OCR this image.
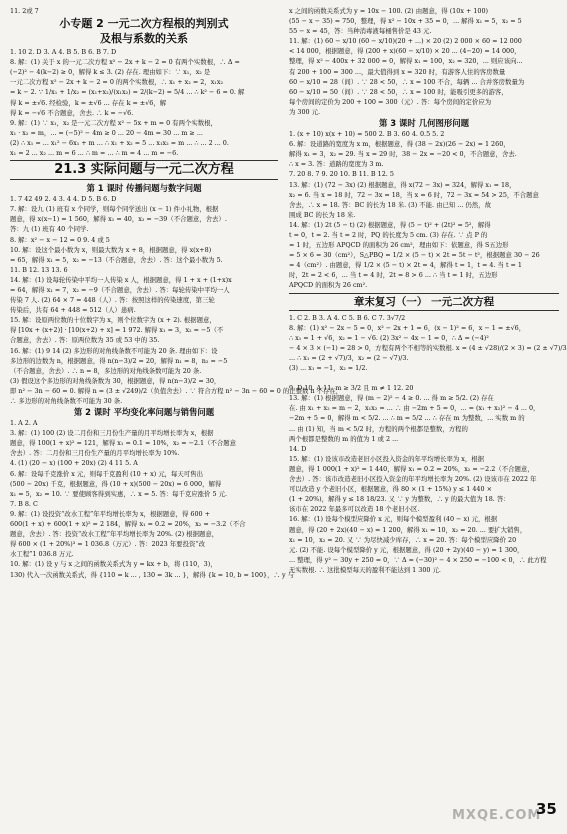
11. 2或 7
小专题 2 一元二次方程根的判别式
及根与系数的关系
1. 10 2. D 3. A 4. B 5. B 6. B 7. D
8. 解：(1) 关于 x 的一元二次方程 x² − 2x + k − 2 = 0 有两个实数根，∴ Δ =
(−2)² − 4(k−2) ≥ 0，解得 k ≤ 3. (2) 存在. 理由如下：∵ x₁，x₂ 是
一元二次方程 x² − 2x + k − 2 = 0 的两个实数根，∴ x₁ + x₂ = 2，x₁x₂
= k − 2. ∵ 1/x₁ + 1/x₂ = (x₁+x₂)/(x₁x₂) = 2/(k−2) = 5/4 ... ∴ k² − 6 = 0. 解
得 k = ±√6. 经检验，k = ±√6 ... 存在 k = ±√6，解
得 k = −√6 不合题意，舍去. ∴ k = −√6.
9. 解：(1) ∵ x₁，x₂ 是一元二次方程 x² − 5x + m = 0 有两个实数根，
x₁ · x₂ = m，... = (−5)² − 4m ≥ 0 ... 20 − 4m = 30 ... m ≥ ...
(2) ∴ x₁ = ... x₁² − 6x₁ + m ... ∴ x₁ + x₂ = 5 ... x₁x₂ = m ... ∴ ... 2 ... 0.
x₁ = 2 ... x₂ ... m = 6 ... ∴ m = ... ∴ m = 4 ... m = −6.
21.3 实际问题与一元二次方程
第 1 课时 传播问题与数字问题
1. 7 42 49 2. 4 3. 4 4. D 5. B 6. D
7. 解：设九 (1) 班有 x 个同学，则每个同学送出 (x − 1) 件小礼物，根据
题意，得 x(x−1) = 1 560，解得 x₁ = 40，x₂ = −39（不合题意，舍去）.
答：九 (1) 班有 40 个同学.
8. 解：x² − x − 12 = 0 9. 4 或 5
10. 解：设这个最小数为 x，则最大数为 x + 8，根据题意，得 x(x+8)
= 65，解得 x₁ = 5，x₂ = −13（不合题意，舍去）. 答：这个最小数为 5.
11. B 12. 13 13. 6
14. 解：(1) 设每轮传染中平均一人传染 x 人，根据题意，得 1 + x + (1+x)x
= 64，解得 x₁ = 7，x₂ = −9（不合题意，舍去）. 答：每轮传染中平均一人
传染 7 人. (2) 64 × 7 = 448（人）. 答：按照这样的传染速度，第三轮
传染后，共有 64 + 448 = 512（人）患病.
15. 解：设原两位数的十位数字为 x，则个位数字为 (x + 2). 根据题意，
得 [10x + (x+2)] · [10(x+2) + x] = 1 972. 解得 x₁ = 3，x₂ = −5（不
合题意，舍去）. 答：原两位数为 35 或 53 中的 35.
16. 解：(1) 9 14 (2) 多边形的对角线条数不可能为 20 条. 理由如下：设
多边形的边数为 n，根据题意，得 n(n−3)/2 = 20，解得 n₁ = 8，n₂ = −5
（不合题意，舍去）. ∴ n = 8，多边形的对角线条数可能为 20 条.
(3) 假设这个多边形的对角线条数为 30，根据题意，得 n(n−3)/2 = 30，
即 n² − 3n − 60 = 0. 解得 n = (3 ± √249)/2（负值舍去）. ∵ 符合方程 n² − 3n − 60 = 0 的正整数 n 不存在，
∴ 多边形的对角线条数不可能为 30 条.
第 2 课时 平均变化率问题与销售问题
1. A 2. A
3. 解：(1) 100 (2) 设二月份和三月份生产量的月平均增长率为 x，根据
题意，得 100(1 + x)² = 121，解得 x₁ = 0.1 = 10%，x₂ = −2.1（不合题意
舍去）. 答：二月份和三月份生产量的月平均增长率为 10%.
4. (1) (20 − x) (100 + 20x) (2) 4 11 5. A
6. 解：设每千克涨价 x 元，则每千克盈利 (10 + x) 元，每天可售出
(500 − 20x) 千克，根据题意，得 (10 + x)(500 − 20x) = 6 000，解得
x₁ = 5，x₂ = 10. ∵ 要使顾客得到实惠，∴ x = 5. 答：每千克应涨价 5 元.
7. B 8. C
9. 解：(1) 设投资“改水工程”年平均增长率为 x，根据题意，得 600 +
600(1 + x) + 600(1 + x)² = 2 184，解得 x₁ = 0.2 = 20%，x₂ = −3.2（不合
题意，舍去）. 答：投资“改水工程”年平均增长率为 20%. (2) 根据题意，
得 600 × (1 + 20%)³ = 1 036.8（万元）. 答：2023 年要投资“改
水工程”1 036.8 万元.
10. 解：(1) 设 y 与 x 之间的函数关系式为 y = kx + b，将 (110，3)，
130) 代入一次函数关系式，得 {110 = k ... , 130 = 3k ... }，解得 {k = 10, b = 100}，∴ y 与
x 之间的函数关系式为 y = 10x − 100. (2) 由题意，得 (10x + 100)
(55 − x − 35) = 750，整理，得 x² − 10x + 35 = 0，... 解得 x₁ = 5，x₂ = 5
55 − x = 45，答：当种消毒液每桶售价是 43 元.
11. 解：(1) 60 − x/10 (60 − x/10)(20 + ...) × 20 (2) 2 000 × 60 = 12 000
< 14 000，根据题意，得 (200 + x)(60 − x/10) × 20 ... (4−20) = 14 000，
整理，得 x² − 400x + 32 000 = 0，解得 x₁ = 100，x₂ = 320，... 则应该向...
有 200 + 100 = 300 ...，最大值得到 x = 320 时，有游客人住的客房数量
60 − x/10 = 28（间）. ∵ 28 < 50，∴ x = 100 不合，每辆 ... 合并客房数量为
60 − x/10 = 50（间）. ∵ 28 < 50，∴ x = 100 时，能吸引更多的游客，
每个房间的定价为 200 + 100 = 300（元）. 答：每个房间的定价应为
为 300 元.
第 3 课时 几何图形问题
1. (x + 10) x(x + 10) = 500 2. B 3. 60 4. 0.5 5. 2
6. 解：设道路的宽度为 x m，根据题意，得 (38 − 2x)(26 − 2x) = 1 260，
解得 x₁ = 3，x₂ = 29. 当 x = 29 时，38 − 2x = −20 < 0，不合题意，舍去.
∴ x = 3. 答：道路的宽度为 3 m.
7. 20 8. 7 9. 20 10. B 11. B 12. 5
13. 解：(1) (72 − 3x) (2) 根据题意，得 x(72 − 3x) = 324，解得 x₁ = 18，
x₂ = 6. 当 x = 18 时，72 − 3x = 18，当 x = 6 时，72 − 3x = 54 > 25，不合题意
舍去，∴ x = 18. 答：BC 的长为 18 米. (3) 不能. 由已知 ... 仍然，故
围成 BC 的长为 18 米.
14. 解：(1) 2t (5 − t) (2) 根据题意，得 (5 − t)² + (2t)² = 5²，解得
t = 0，t = 2. 当 t = 2 时，PQ 的长度为 5 cm. (3) 存在. ∵ 点 P 的
= 1 时，五边形 APQCD 的面积为 26 cm²，理由如下：依题意，得 S五边形
= 5 × 6 = 30（cm²），S△PBQ = 1/2 × (5 − t) × 2t = 5t − t²，根据题意 30 − 26
= 4（cm²）. 由题意，得 1/2 × (5 − t) × 2t = 4，解得 t = 1，t = 4. 当 t = 1
时，2t = 2 < 6，... 当 t = 4 时，2t = 8 > 6 ... ∴ 当 t = 1 时，五边形
APQCD 的面积为 26 cm².
章末复习（一） 一元二次方程
1. C 2. B 3. A 4. C 5. B 6. C 7. 3√7/2
8. 解：(1) x² − 2x − 5 = 0，x² − 2x + 1 = 6，(x − 1)² = 6，x − 1 = ±√6，
∴ x₁ = 1 + √6，x₂ = 1 − √6. (2) 3x² − 4x − 1 = 0，∴ Δ = (−4)²
− 4 × 3 × (−1) = 28 > 0，方程有两个不相等的实数根. x = (4 ± √28)/(2 × 3) = (2 ± √7)/3
... ∴ x₁ = (2 + √7)/3，x₂ = (2 − √7)/3.
(3) ... x₁ = −1，x₂ = 1/2.

9. D 10. A 11. m ≥ 3/2 且 m ≠ 1 12. 20
13. 解：(1) 根据题意，得 (m − 2)² − 4 ≥ 0. ... 得 m ≥ 5/2. (2) 存在
在. 由 x₁ + x₂ = m − 2，x₁x₂ = ... ∴ 由 −2m + 5 = 0，... = (x₁ + x₂)² − 4 ... 0，
−2m + 5 = 0，解得 m < 5/2. ... ∴ m = 5/2 ... ∴ 存在 m 为整数，... 实数 m 的
... 由 (1) 知，当 m < 5/2 时，方程的两个根都是整数，方程的
两个根都是整数的 m 的值为 1 或 2 ...
14. D
15. 解：(1) 设该市改造老旧小区投入资金的年平均增长率为 x，根据
题意，得 1 000(1 + x)² = 1 440，解得 x₁ = 0.2 = 20%，x₂ = −2.2（不合题意，
舍去）. 答：该市改造老旧小区投入资金的年平均增长率为 20%. (2) 设该市在 2022 年
可以改造 y 个老旧小区，根据题意，得 80 × (1 + 15%) y ≤ 1 440 ×
(1 + 20%)，解得 y ≤ 18 18/23. 又 ∵ y 为整数，∴ y 的最大值为 18. 答：
该市在 2022 年最多可以改造 18 个老旧小区.
16. 解：(1) 设每个模型应降价 x 元，则每个模型盈利 (40 − x) 元，根据
题意，得 (20 + 2x)(40 − x) = 1 200，解得 x₁ = 10，x₂ = 20. ... 要扩大销售，
x₁ = 10，x₂ = 20. 又 ∵ 为尽快减少库存，∴ x = 20. 答：每个模型应降价 20
元. (2) 不能. 设每个模型降价 y 元，根据题意，得 (20 + 2y)(40 − y) = 1 300，
... 整理，得 y² − 30y + 250 = 0，∵ Δ = (−30)² − 4 × 250 = −100 < 0，∴ 此方程
无实数根. ∴ 这批模型每天的盈利不能达到 1 300 元.
MXQE.COM
35
